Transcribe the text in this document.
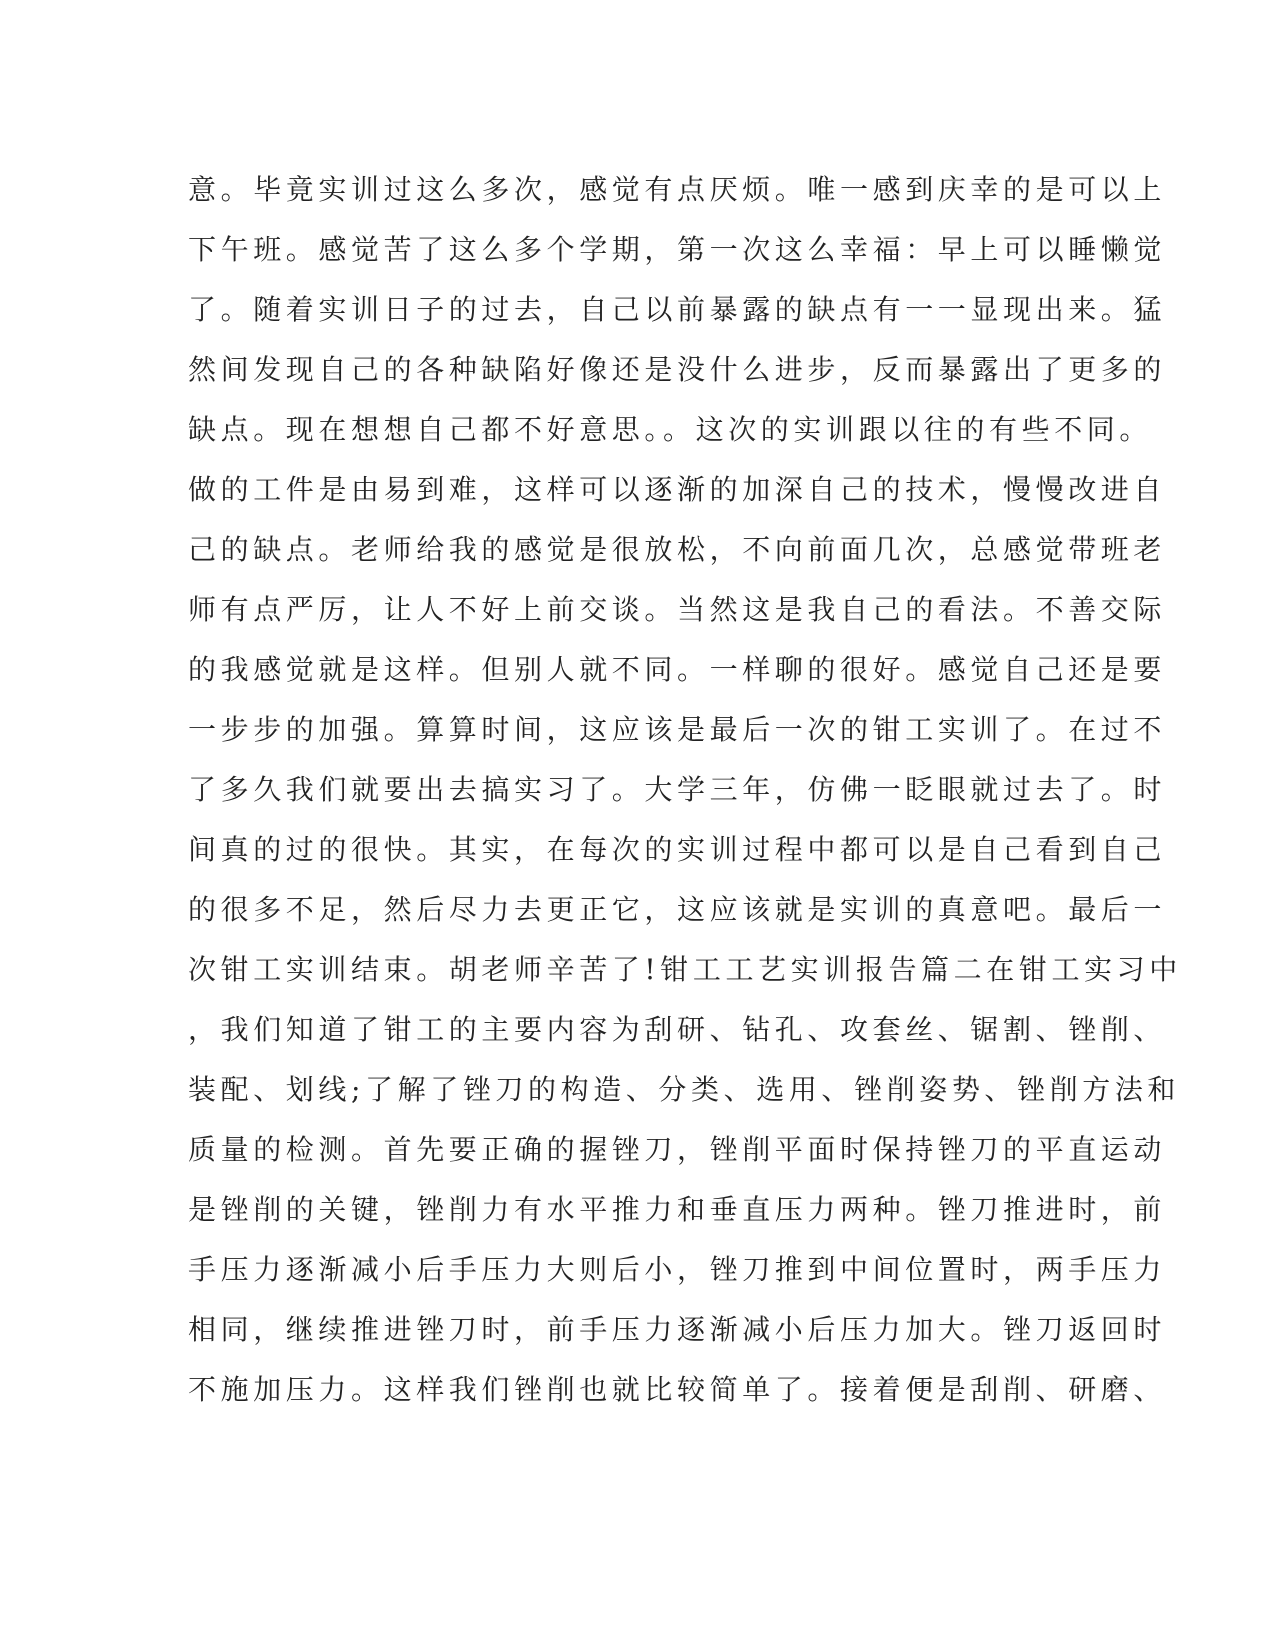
意。毕竟实训过这么多次，感觉有点厌烦。唯一感到庆幸的是可以上
下午班。感觉苦了这么多个学期，第一次这么幸福：早上可以睡懒觉
了。随着实训日子的过去，自己以前暴露的缺点有一一显现出来。猛
然间发现自己的各种缺陷好像还是没什么进步，反而暴露出了更多的
缺点。现在想想自己都不好意思。。这次的实训跟以往的有些不同。
做的工件是由易到难，这样可以逐渐的加深自己的技术，慢慢改进自
己的缺点。老师给我的感觉是很放松，不向前面几次，总感觉带班老
师有点严厉，让人不好上前交谈。当然这是我自己的看法。不善交际
的我感觉就是这样。但别人就不同。一样聊的很好。感觉自己还是要
一步步的加强。算算时间，这应该是最后一次的钳工实训了。在过不
了多久我们就要出去搞实习了。大学三年，仿佛一眨眼就过去了。时
间真的过的很快。其实，在每次的实训过程中都可以是自己看到自己
的很多不足，然后尽力去更正它，这应该就是实训的真意吧。最后一
次钳工实训结束。胡老师辛苦了!钳工工艺实训报告篇二在钳工实习中
，我们知道了钳工的主要内容为刮研、钻孔、攻套丝、锯割、锉削、
装配、划线;了解了锉刀的构造、分类、选用、锉削姿势、锉削方法和
质量的检测。首先要正确的握锉刀，锉削平面时保持锉刀的平直运动
是锉削的关键，锉削力有水平推力和垂直压力两种。锉刀推进时，前
手压力逐渐减小后手压力大则后小，锉刀推到中间位置时，两手压力
相同，继续推进锉刀时，前手压力逐渐减小后压力加大。锉刀返回时
不施加压力。这样我们锉削也就比较简单了。接着便是刮削、研磨、
